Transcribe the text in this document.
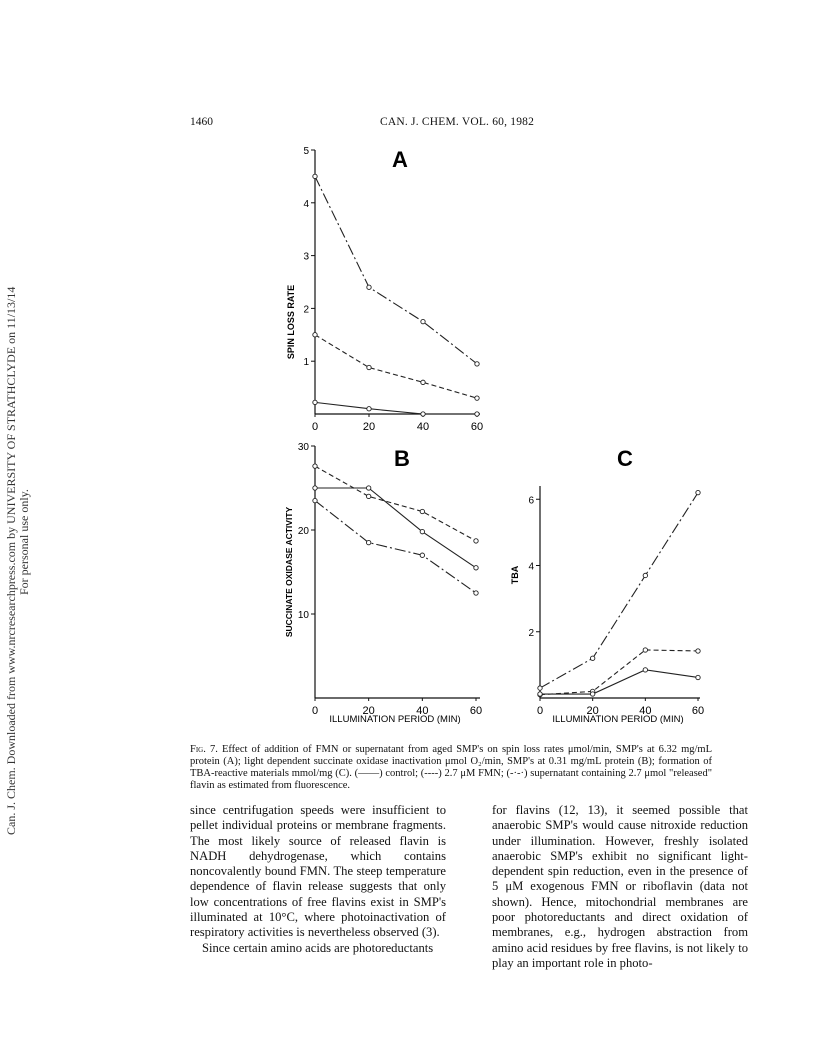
Can. J. Chem. Downloaded from www.nrcresearchpress.com by UNIVERSITY OF STRATHCLYDE on 11/13/14 For personal use only.
1460	CAN. J. CHEM. VOL. 60, 1982
A
1
2
3
4
5
0	20	40	60
SPIN LOSS RATE
B
10
20
30
0	20	40	60
SUCCINATE OXIDASE ACTIVITY
ILLUMINATION PERIOD (MIN)
C
2
4
6
0	20	40	60
TBA
ILLUMINATION PERIOD (MIN)
Fig. 7. Effect of addition of FMN or supernatant from aged SMP's on spin loss rates μmol/min, SMP's at 6.32 mg/mL protein (A); light dependent succinate oxidase inactivation μmol O₂/min, SMP's at 0.31 mg/mL protein (B); formation of TBA-reactive materials mmol/mg (C). (——) control; (----) 2.7 μM FMN; (-·-·) supernatant containing 2.7 μmol "released" flavin as estimated from fluorescence.

since centrifugation speeds were insufficient to pellet individual proteins or membrane fragments. The most likely source of released flavin is NADH dehydrogenase, which contains noncovalently bound FMN. The steep temperature dependence of flavin release suggests that only low concentrations of free flavins exist in SMP's illuminated at 10°C, where photoinactivation of respiratory activities is nevertheless observed (3).

Since certain amino acids are photoreductants

for flavins (12, 13), it seemed possible that anaerobic SMP's would cause nitroxide reduction under illumination. However, freshly isolated anaerobic SMP's exhibit no significant light-dependent spin reduction, even in the presence of 5 μM exogenous FMN or riboflavin (data not shown). Hence, mitochondrial membranes are poor photoreductants and direct oxidation of membranes, e.g., hydrogen abstraction from amino acid residues by free flavins, is not likely to play an important role in photo-
